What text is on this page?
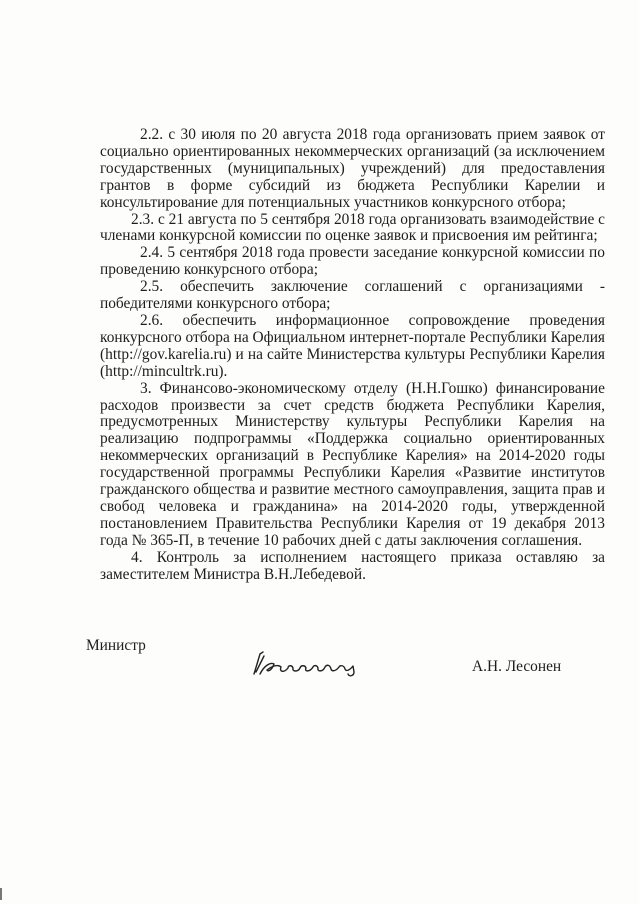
2.2. с 30 июля по 20 августа 2018 года организовать прием заявок от социально ориентированных некоммерческих организаций (за исключением государственных (муниципальных) учреждений) для предоставления грантов в форме субсидий из бюджета Республики Карелии и консультирование для потенциальных участников конкурсного отбора;

2.3. с 21 августа по 5 сентября 2018 года организовать взаимодействие с членами конкурсной комиссии по оценке заявок и присвоения им рейтинга;

2.4. 5 сентября 2018 года провести заседание конкурсной комиссии по проведению конкурсного отбора;

2.5. обеспечить заключение соглашений с организациями - победителями конкурсного отбора;

2.6. обеспечить информационное сопровождение проведения конкурсного отбора на Официальном интернет-портале Республики Карелия (http://gov.karelia.ru) и на сайте Министерства культуры Республики Карелия (http://mincultrk.ru).

3. Финансово-экономическому отделу (Н.Н.Гошко) финансирование расходов произвести за счет средств бюджета Республики Карелия, предусмотренных Министерству культуры Республики Карелия на реализацию подпрограммы «Поддержка социально ориентированных некоммерческих организаций в Республике Карелия» на 2014-2020 годы государственной программы Республики Карелия «Развитие институтов гражданского общества и развитие местного самоуправления, защита прав и свобод человека и гражданина» на 2014-2020 годы, утвержденной постановлением Правительства Республики Карелия от 19 декабря 2013 года № 365-П, в течение 10 рабочих дней с даты заключения соглашения.

4. Контроль за исполнением настоящего приказа оставляю за заместителем Министра В.Н.Лебедевой.

Министр
А.Н. Лесонен
